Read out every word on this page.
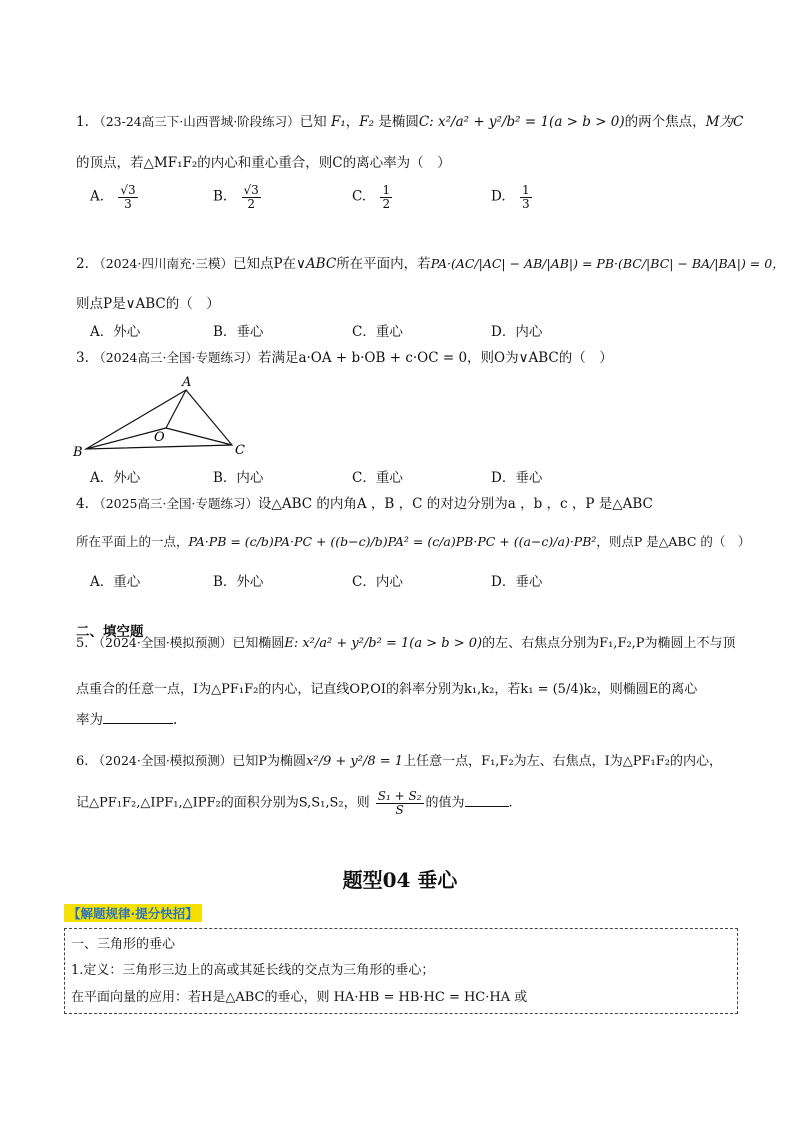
1. （23-24高三下·山西晋城·阶段练习）已知 F₁，F₂ 是椭圆C: x²/a² + y²/b² = 1(a > b > 0)的两个焦点，M为C
的顶点，若△MF₁F₂的内心和重心重合，则C的离心率为（　）
A. $\frac{√3}{3}$	B. $\frac{√3}{2}$	C. $\frac{1}{2}$	D. $\frac{1}{3}$
2. （2024·四川南充·三模）已知点P在∨ABC所在平面内，若PA·(AC/|AC| − AB/|AB|) = PB·(BC/|BC| − BA/|BA|) = 0，
则点P是∨ABC的（　）
A．外心	B．垂心	C．重心	D．内心
3. （2024高三·全国·专题练习）若满足a·OA + b·OB + c·OC = 0，则O为∨ABC的（　）
A
B	C
O
A．外心	B．内心	C．重心	D．垂心
4. （2025高三·全国·专题练习）设△ABC 的内角A ，B ，C 的对边分别为a ，b ，c ，P 是△ABC
所在平面上的一点，PA·PB = (c/b)PA·PC + ((b−c)/b)PA² = (c/a)PB·PC + ((a−c)/a)·PB²，则点P 是△ABC 的（　）
A．重心	B．外心	C．内心	D．垂心
二、填空题
5. （2024·全国·模拟预测）已知椭圆E: x²/a² + y²/b² = 1(a > b > 0)的左、右焦点分别为F₁,F₂,P为椭圆上不与顶
点重合的任意一点，I为△PF₁F₂的内心，记直线OP,OI的斜率分别为k₁,k₂，若k₁ = (5/4)k₂，则椭圆E的离心
率为	.
6. （2024·全国·模拟预测）已知P为椭圆x²/9 + y²/8 = 1上任意一点，F₁,F₂为左、右焦点，I为△PF₁F₂的内心，
记△PF₁F₂,△IPF₁,△IPF₂的面积分别为S,S₁,S₂，则 $\frac{\text{S₁ + S₂}}{S}$ 的值为	.
题型04 垂心
【解题规律·提分快招】
一、三角形的垂心
1.定义：三角形三边上的高或其延长线的交点为三角形的垂心；
在平面向量的应用：若H是△ABC的垂心，则 HA·HB = HB·HC = HC·HA 或
